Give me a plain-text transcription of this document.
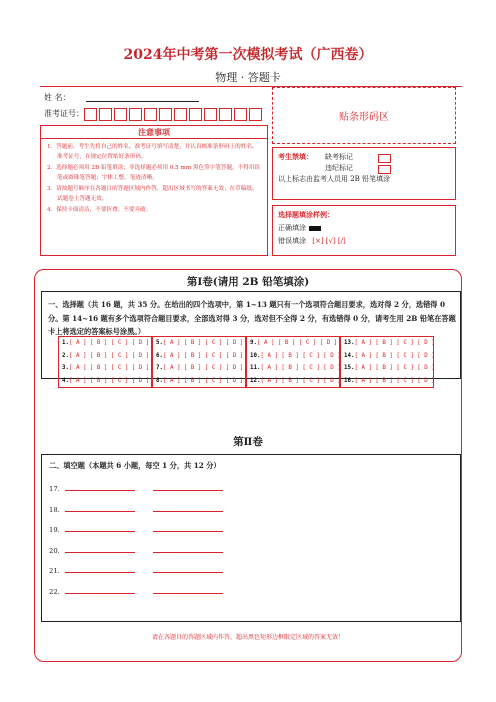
2024年中考第一次模拟考试（广西卷）
物理 · 答题卡
姓 名：
准考证号：	贴条形码区
注意事项
1．答题前，考生先将自己的姓名，准考证号填写清楚，并认真核准条形码上的姓名、准考证号，在规定位置贴好条形码。
2．选择题必须用 2B 铅笔填涂；非选择题必须用 0.5 mm 黑色签字笔答题，不得用铅笔或圆珠笔答题；字体工整、笔迹清晰。
3．请按题号顺序在各题目的答题区域内作答，超出区域书写的答案无效；在草稿纸、试题卷上答题无效。
4．保持卡面清洁，不要折叠、不要弄破。
考生禁填： 缺考标记
违纪标记
以上标志由监考人员用 2B 铅笔填涂
选择题填涂样例：
正确填涂
错误填涂 [×] [√] [/]
第Ⅰ卷(请用 2B 铅笔填涂)
一、选择题（共 16 题，共 35 分。在给出的四个选项中，第 1~13 题只有一个选项符合题目要求，选对得 2 分，选错得 0 分。第 14~16 题有多个选项符合题目要求，全部选对得 3 分，选对但不全得 2 分，有选错得 0 分，请考生用 2B 铅笔在答题卡上将选定的答案标号涂黑。）
1.[ A ] [ B ] [ C ] [ D ]	5.[ A ] [ B ] [ C ] [ D ]	9.[ A ] [ B ] [ C ] [ D ]	13.[ A ] [ B ] [ C ] [ D ]
2.[ A ] [ B ] [ C ] [ D ]	6.[ A ] [ B ] [ C ] [ D ]	10.[ A ] [ B ] [ C ] [ D ] 14.[ A ] [ B ] [ C ] [ D ]
3.[ A ] [ B ] [ C ] [ D ]	7.[ A ] [ B ] [ C ] [ D ]	11.[ A ] [ B ] [ C ] [ D ] 15.[ A ] [ B ] [ C ] [ D ]
4.[ A ] [ B ] [ C ] [ D ]	8.[ A ] [ B ] [ C ] [ D ]	12.[ A ] [ B ] [ C ] [ D ] 16.[ A ] [ B ] [ C ] [ D ]
第Ⅱ卷
二、填空题（本题共 6 小题，每空 1 分，共 12 分）
17.
18.
19.
20.
21.
22.
请在各题目的答题区域内作答，超出黑色矩形边框限定区域的答案无效！
